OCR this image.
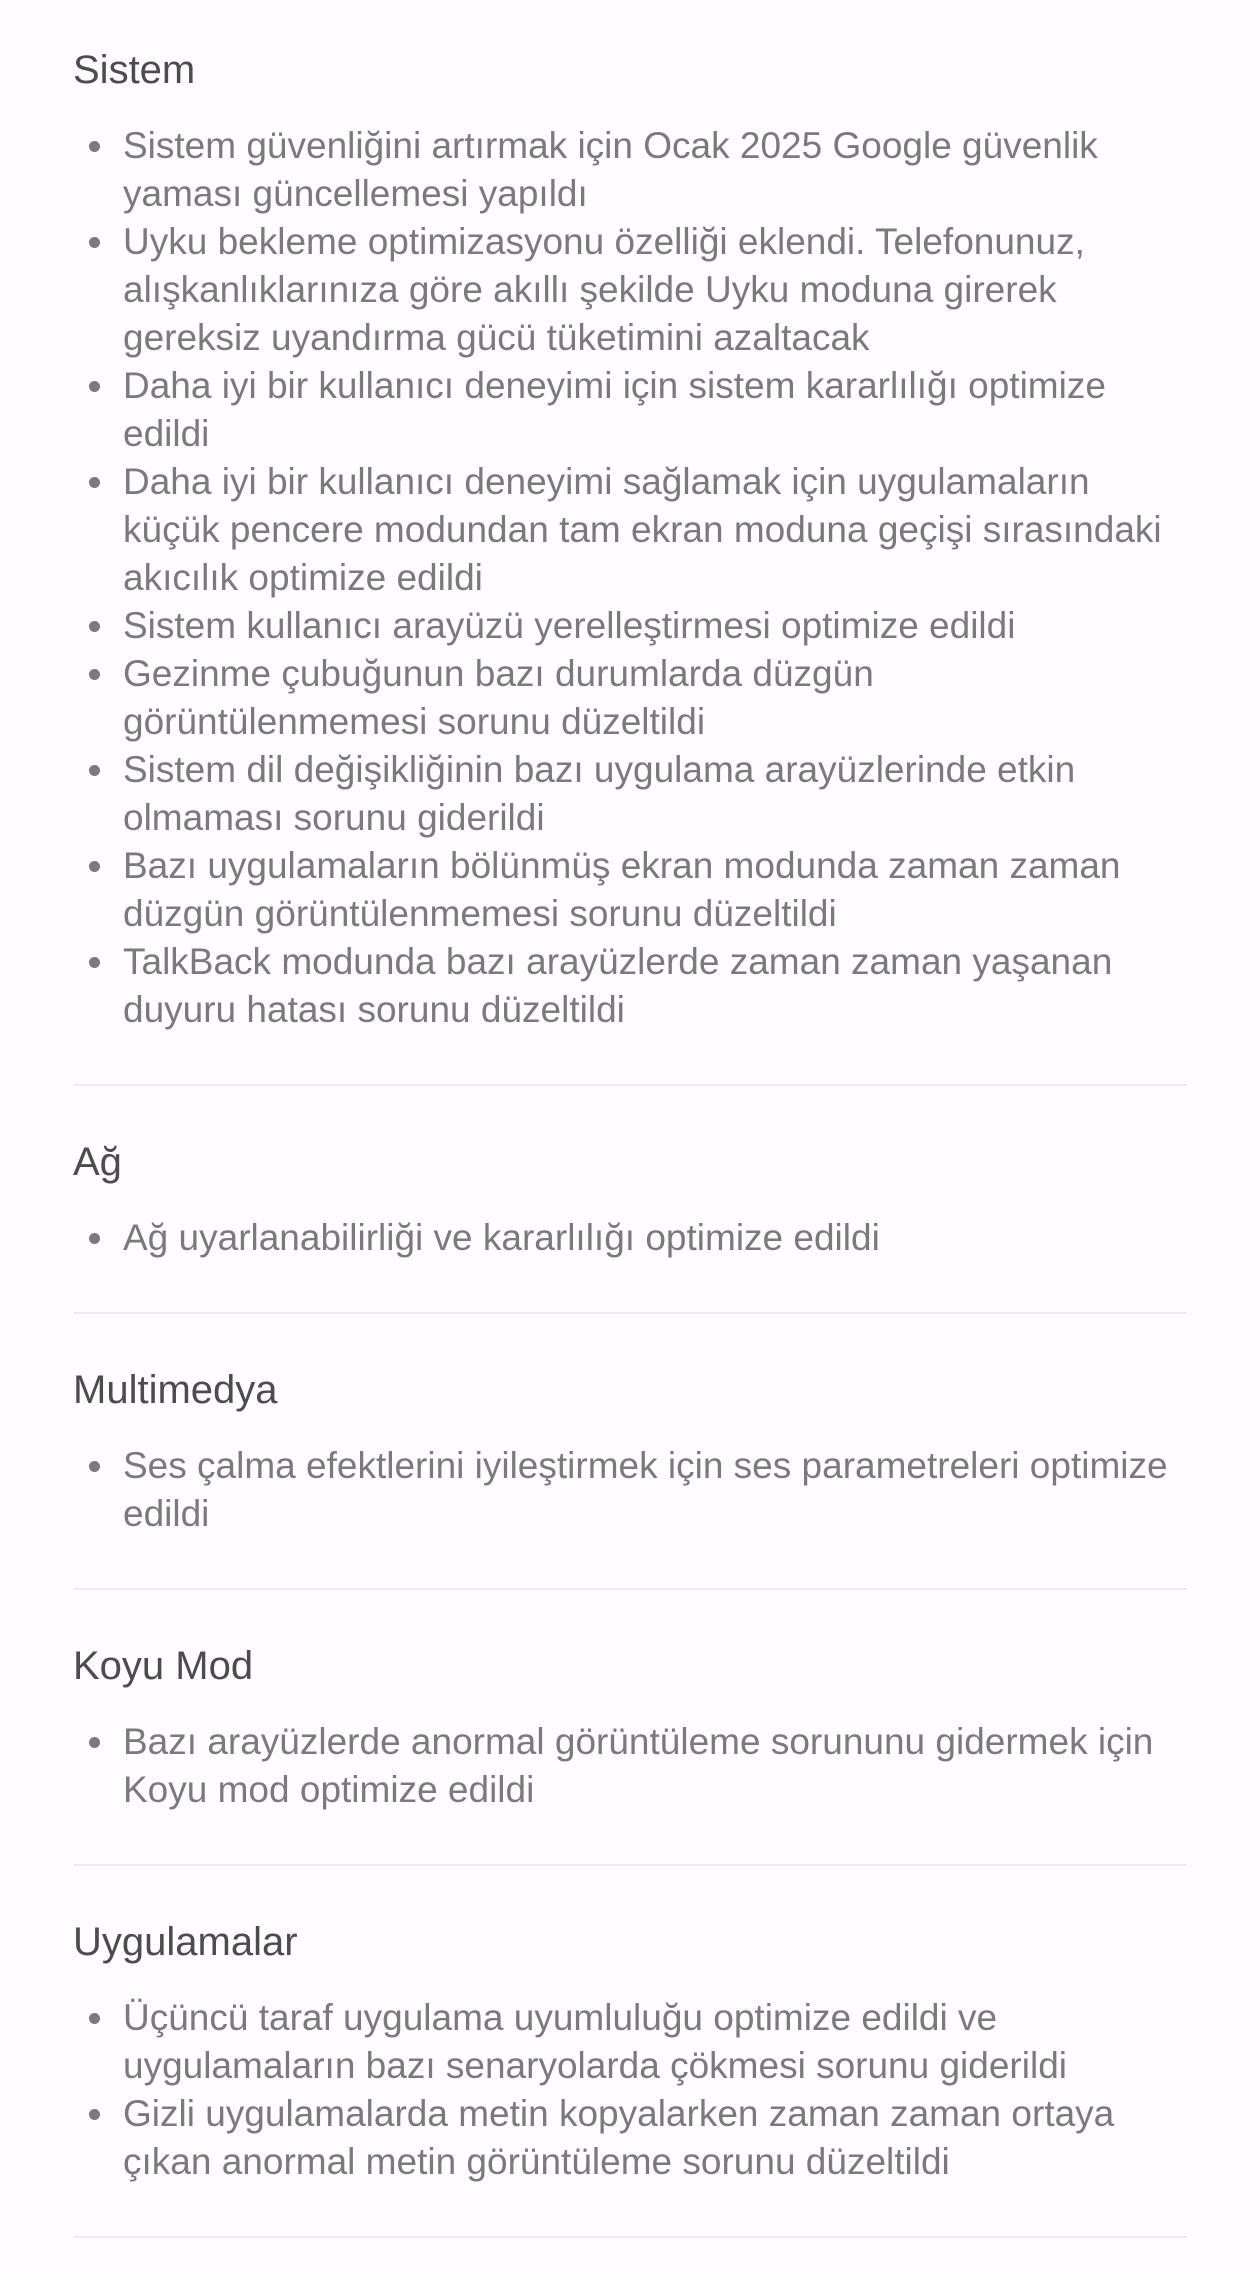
Sistem
Sistem güvenliğini artırmak için Ocak 2025 Google güvenlik yaması güncellemesi yapıldı
Uyku bekleme optimizasyonu özelliği eklendi. Telefonunuz, alışkanlıklarınıza göre akıllı şekilde Uyku moduna girerek gereksiz uyandırma gücü tüketimini azaltacak
Daha iyi bir kullanıcı deneyimi için sistem kararlılığı optimize edildi
Daha iyi bir kullanıcı deneyimi sağlamak için uygulamaların küçük pencere modundan tam ekran moduna geçişi sırasındaki akıcılık optimize edildi
Sistem kullanıcı arayüzü yerelleştirmesi optimize edildi
Gezinme çubuğunun bazı durumlarda düzgün görüntülenmemesi sorunu düzeltildi
Sistem dil değişikliğinin bazı uygulama arayüzlerinde etkin olmaması sorunu giderildi
Bazı uygulamaların bölünmüş ekran modunda zaman zaman düzgün görüntülenmemesi sorunu düzeltildi
TalkBack modunda bazı arayüzlerde zaman zaman yaşanan duyuru hatası sorunu düzeltildi
Ağ
Ağ uyarlanabilirliği ve kararlılığı optimize edildi
Multimedya
Ses çalma efektlerini iyileştirmek için ses parametreleri optimize edildi
Koyu Mod
Bazı arayüzlerde anormal görüntüleme sorununu gidermek için Koyu mod optimize edildi
Uygulamalar
Üçüncü taraf uygulama uyumluluğu optimize edildi ve uygulamaların bazı senaryolarda çökmesi sorunu giderildi
Gizli uygulamalarda metin kopyalarken zaman zaman ortaya çıkan anormal metin görüntüleme sorunu düzeltildi
